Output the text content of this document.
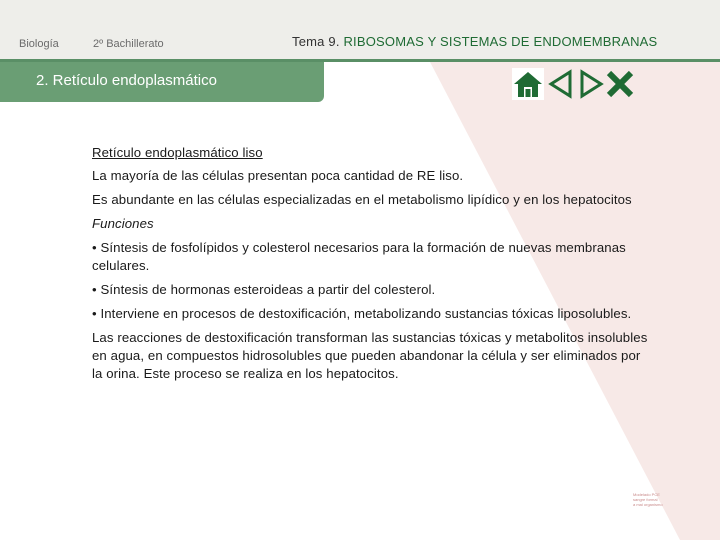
Biología	2º Bachillerato	Tema 9. RIBOSOMAS Y SISTEMAS DE ENDOMEMBRANAS
2. Retículo endoplasmático

Retículo endoplasmático liso

La mayoría de las células presentan poca cantidad de RE liso.

Es abundante en las células especializadas en el metabolismo lipídico y en los hepatocitos

Funciones

• Síntesis de fosfolípidos y colesterol necesarios para la formación de nuevas membranas celulares.

• Síntesis de hormonas esteroideas a partir del colesterol.

• Interviene en procesos de destoxificación, metabolizando sustancias tóxicas liposolubles.

Las reacciones de destoxificación transforman las sustancias tóxicas y metabolitos insolubles en agua, en compuestos hidrosolubles que pueden abandonar la célula y ser eliminados por la orina. Este proceso se realiza en los hepatocitos.

Modelado PCE
sangre formal
a mal organismo
